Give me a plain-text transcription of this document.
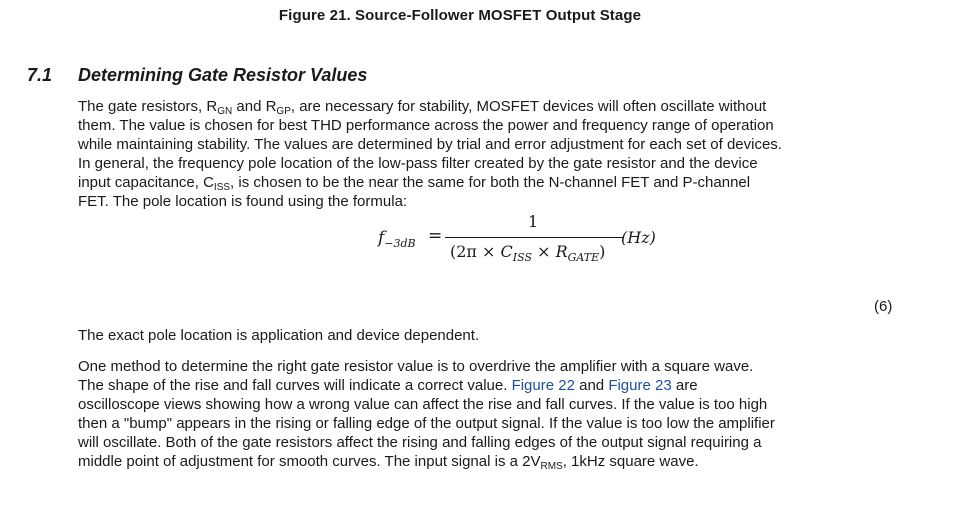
Figure 21. Source-Follower MOSFET Output Stage
7.1 Determining Gate Resistor Values

The gate resistors, $R_{GN}$ and $R_{GP}$, are necessary for stability, MOSFET devices will often oscillate without
them. The value is chosen for best THD performance across the power and frequency range of operation
while maintaining stability. The values are determined by trial and error adjustment for each set of devices.
In general, the frequency pole location of the low-pass filter created by the gate resistor and the device
input capacitance, $C_{ISS}$, is chosen to be the near the same for both the N-channel FET and P-channel
FET. The pole location is found using the formula:

$f_{-3dB}$ =
1
$(2\pi \times C_{ISS} \times R_{GATE})$
(Hz)
(6)

The exact pole location is application and device dependent.

One method to determine the right gate resistor value is to overdrive the amplifier with a square wave.
The shape of the rise and fall curves will indicate a correct value. Figure 22 and Figure 23 are
oscilloscope views showing how a wrong value can affect the rise and fall curves. If the value is too high
then a "bump" appears in the rising or falling edge of the output signal. If the value is too low the amplifier
will oscillate. Both of the gate resistors affect the rising and falling edges of the output signal requiring a
middle point of adjustment for smooth curves. The input signal is a $2V_{RMS}$, 1kHz square wave.
